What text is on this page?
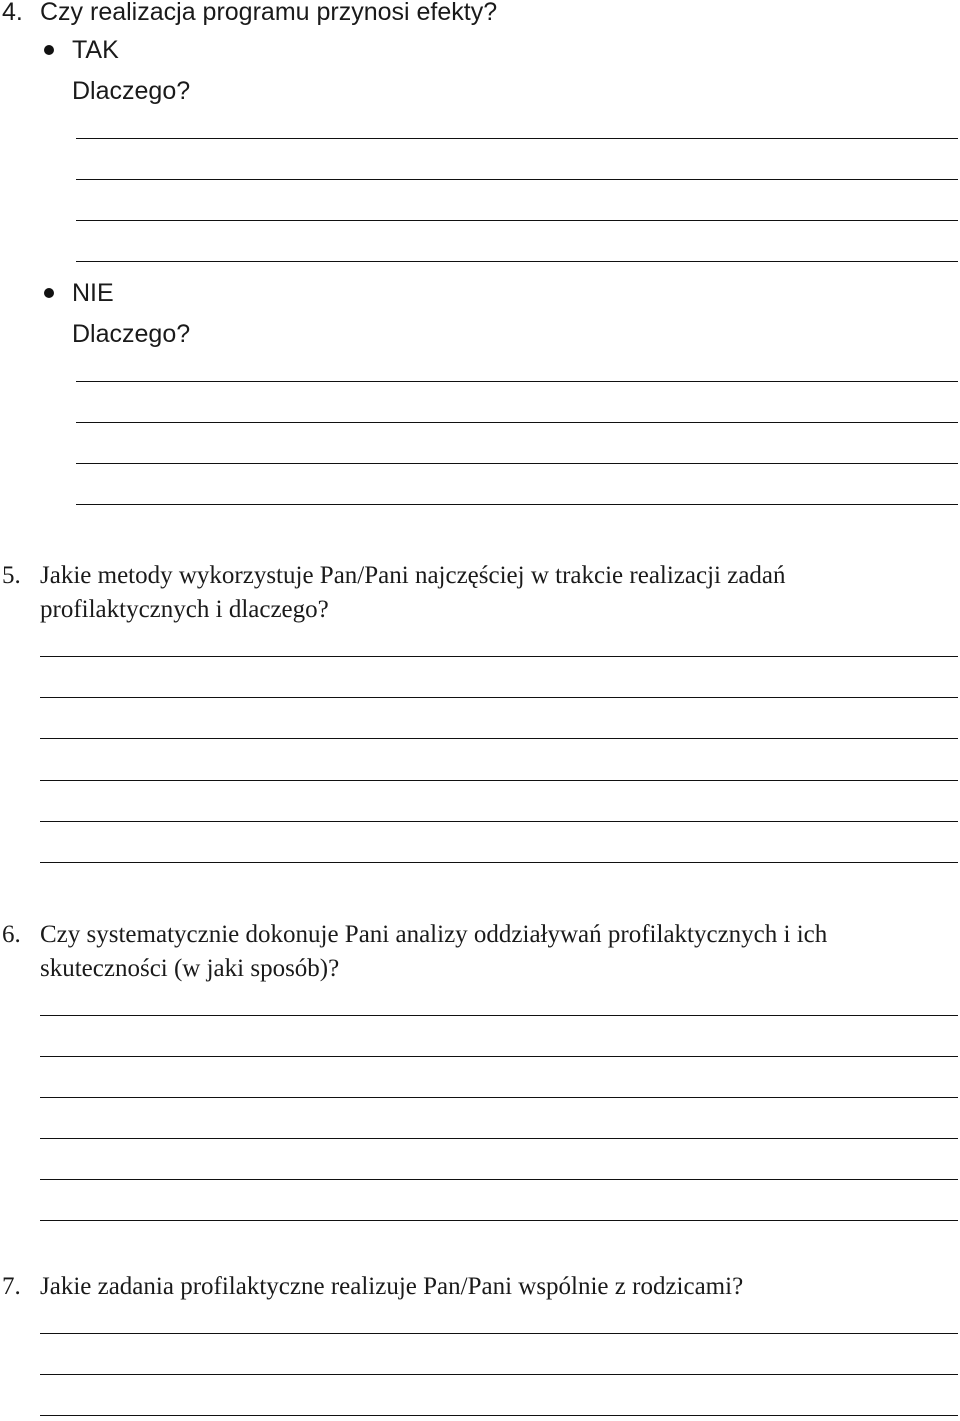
4. Czy realizacja programu przynosi efekty?
TAK
Dlaczego?
NIE
Dlaczego?
5. Jakie metody wykorzystuje Pan/Pani najczęściej w trakcie realizacji zadań
profilaktycznych i dlaczego?
6. Czy systematycznie dokonuje Pani analizy oddziaływań profilaktycznych i ich
skuteczności (w jaki sposób)?
7. Jakie zadania profilaktyczne realizuje Pan/Pani wspólnie z rodzicami?
